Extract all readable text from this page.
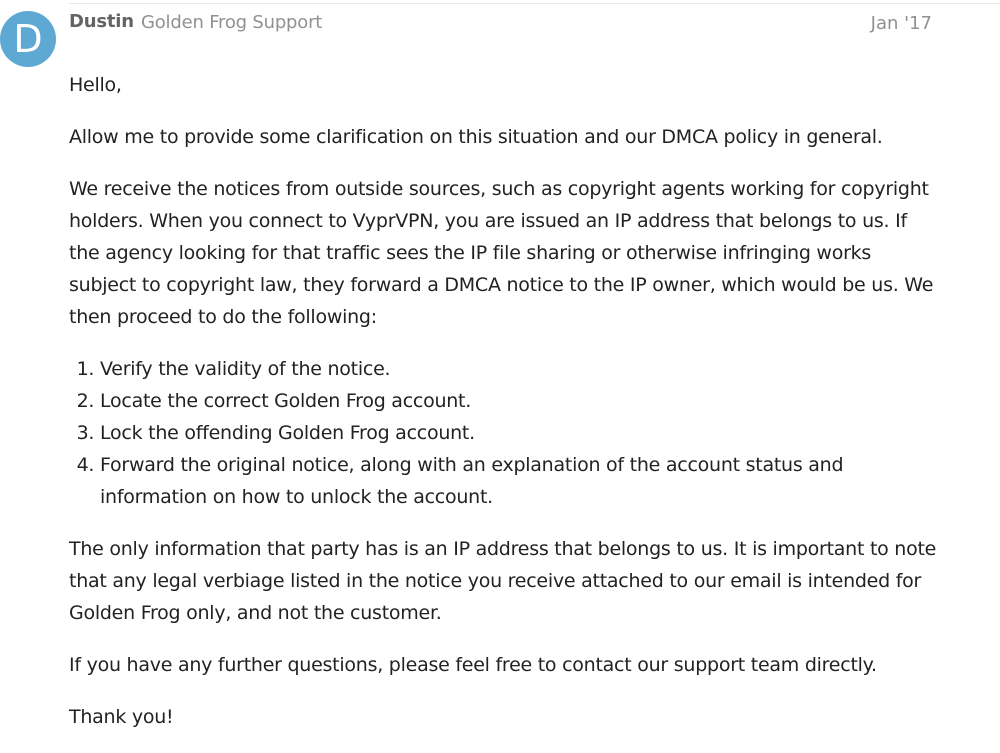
D	Dustin Golden Frog Support	Jan '17

Hello,

Allow me to provide some clarification on this situation and our DMCA policy in general.

We receive the notices from outside sources, such as copyright agents working for copyright holders. When you connect to VyprVPN, you are issued an IP address that belongs to us. If the agency looking for that traffic sees the IP file sharing or otherwise infringing works subject to copyright law, they forward a DMCA notice to the IP owner, which would be us. We then proceed to do the following:

1. Verify the validity of the notice.
2. Locate the correct Golden Frog account.
3. Lock the offending Golden Frog account.
4. Forward the original notice, along with an explanation of the account status and information on how to unlock the account.

The only information that party has is an IP address that belongs to us. It is important to note that any legal verbiage listed in the notice you receive attached to our email is intended for Golden Frog only, and not the customer.

If you have any further questions, please feel free to contact our support team directly.

Thank you!
